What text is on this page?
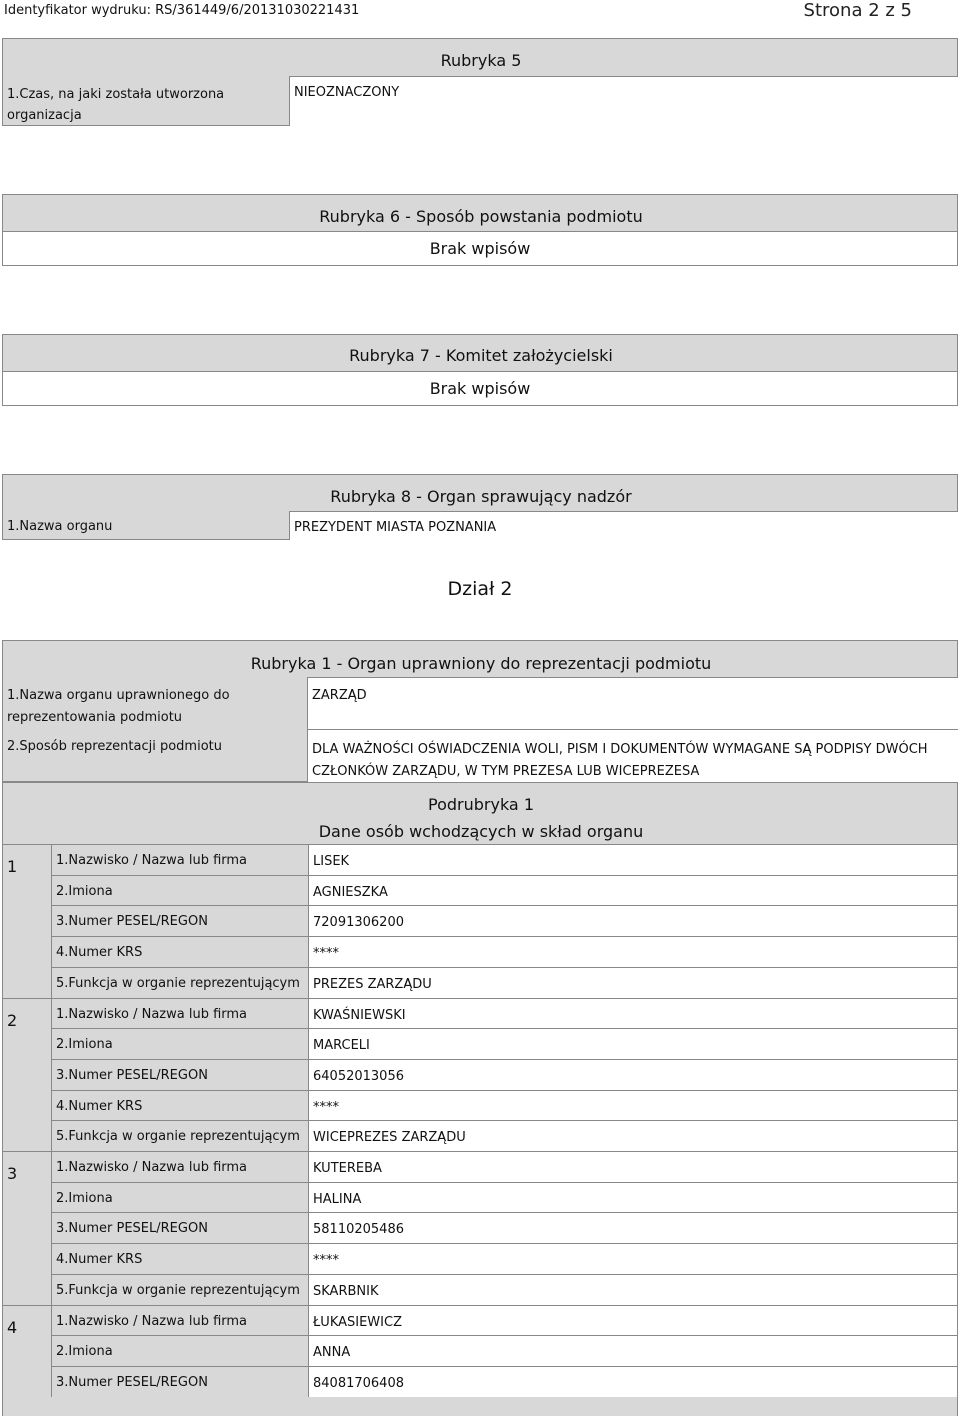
Identyfikator wydruku: RS/361449/6/20131030221431	Strona 2 z 5
Rubryka 5
1.Czas, na jaki została utworzona
organizacja
NIEOZNACZONY
Rubryka 6 - Sposób powstania podmiotu
Brak wpisów
Rubryka 7 - Komitet założycielski
Brak wpisów
Rubryka 8 - Organ sprawujący nadzór
1.Nazwa organu	PREZYDENT MIASTA POZNANIA
Dział 2
Rubryka 1 - Organ uprawniony do reprezentacji podmiotu
1.Nazwa organu uprawnionego do
reprezentowania podmiotu
ZARZĄD
2.Sposób reprezentacji podmiotu	DLA WAŻNOŚCI OŚWIADCZENIA WOLI, PISM I DOKUMENTÓW WYMAGANE SĄ PODPISY DWÓCH
CZŁONKÓW ZARZĄDU, W TYM PREZESA LUB WICEPREZESA
Podrubryka 1
Dane osób wchodzących w skład organu
1	1.Nazwisko / Nazwa lub firma	LISEK
2.Imiona	AGNIESZKA
3.Numer PESEL/REGON	72091306200
4.Numer KRS	****
5.Funkcja w organie reprezentującym PREZES ZARZĄDU
2	1.Nazwisko / Nazwa lub firma	KWAŚNIEWSKI
2.Imiona	MARCELI
3.Numer PESEL/REGON	64052013056
4.Numer KRS	****
5.Funkcja w organie reprezentującym WICEPREZES ZARZĄDU
3	1.Nazwisko / Nazwa lub firma	KUTEREBA
2.Imiona	HALINA
3.Numer PESEL/REGON	58110205486
4.Numer KRS	****
5.Funkcja w organie reprezentującym SKARBNIK
4	1.Nazwisko / Nazwa lub firma	ŁUKASIEWICZ
2.Imiona	ANNA
3.Numer PESEL/REGON	84081706408
